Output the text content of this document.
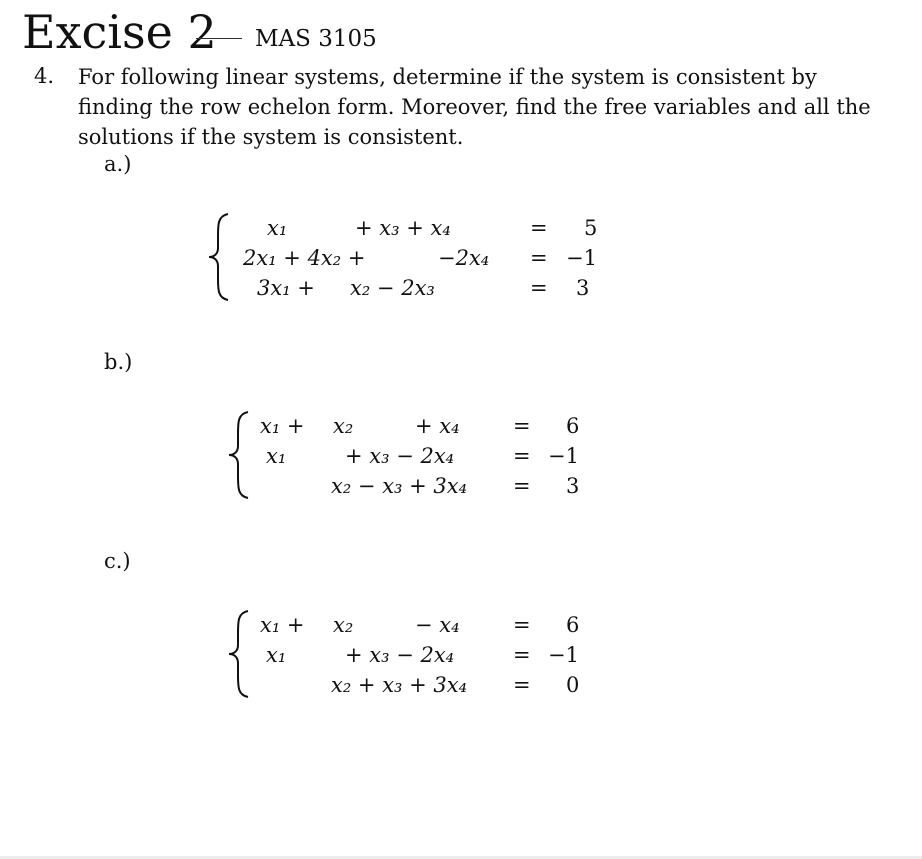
Excise 2 MAS 3105
4. For following linear systems, determine if the system is consistent by finding the row echelon form. Moreover, find the free variables and all the solutions if the system is consistent.
a.)
x₁	+ x₃ + x₄	= 5
2x₁ + 4x₂ +	−2x₄ = −1
3x₁ + x₂ − 2x₃	= 3
b.)
x₁ + x₂	+ x₄	= 6
x₁	+ x₃ − 2x₄	= −1
x₂ − x₃ + 3x₄ = 3
c.)
x₁ + x₂	− x₄	= 6
x₁	+ x₃ − 2x₄	= −1
x₂ + x₃ + 3x₄ = 0
